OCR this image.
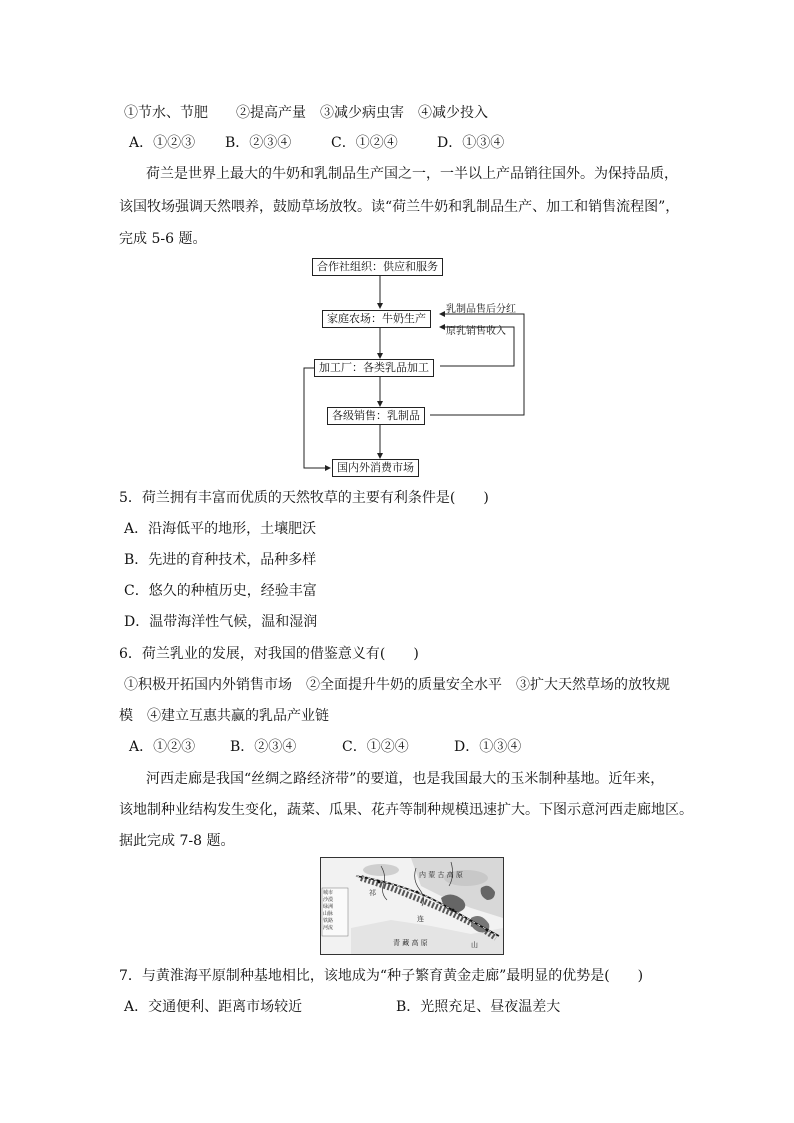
①节水、节肥　　②提高产量　③减少病虫害　④减少投入
A．①②③ B．②③④	C．①②④	D．①③④
荷兰是世界上最大的牛奶和乳制品生产国之一，一半以上产品销往国外。为保持品质，
该国牧场强调天然喂养，鼓励草场放牧。读“荷兰牛奶和乳制品生产、加工和销售流程图”，
完成 5-6 题。
合作社组织：供应和服务
家庭农场：牛奶生产
加工厂：各类乳品加工
各级销售：乳制品
国内外消费市场
乳制品售后分红
原乳销售收入
5．荷兰拥有丰富而优质的天然牧草的主要有利条件是(　　)
A．沿海低平的地形，土壤肥沃
B．先进的育种技术，品种多样
C．悠久的种植历史，经验丰富
D．温带海洋性气候，温和湿润
6．荷兰乳业的发展，对我国的借鉴意义有(　　)
①积极开拓国内外销售市场　②全面提升牛奶的质量安全水平　③扩大天然草场的放牧规
模　④建立互惠共赢的乳品产业链
A．①②③ B．②③④	C．①②④	D．①③④
河西走廊是我国“丝绸之路经济带”的要道，也是我国最大的玉米制种基地。近年来，
该地制种业结构发生变化，蔬菜、瓜果、花卉等制种规模迅速扩大。下图示意河西走廊地区。
据此完成 7-8 题。
城市
沙漠
绿洲
山脉
铁路
河流
内 蒙 古 高 原
青 藏 高 原
祁
连
山
7．与黄淮海平原制种基地相比，该地成为“种子繁育黄金走廊”最明显的优势是(　　)
A．交通便利、距离市场较近	B．光照充足、昼夜温差大
